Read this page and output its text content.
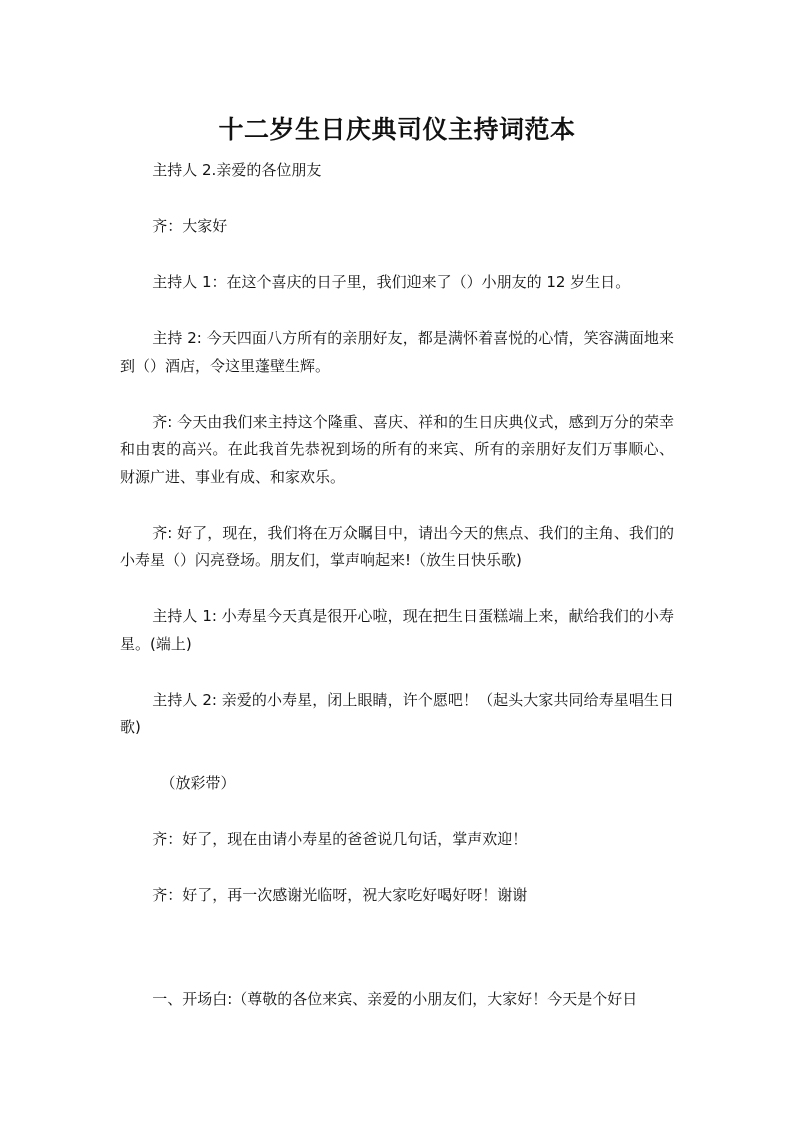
十二岁生日庆典司仪主持词范本

主持人 2.亲爱的各位朋友

齐：大家好

主持人 1：在这个喜庆的日子里，我们迎来了（）小朋友的 12 岁生日。

主持 2: 今天四面八方所有的亲朋好友，都是满怀着喜悦的心情，笑容满面地来到（）酒店，令这里蓬壁生辉。

齐: 今天由我们来主持这个隆重、喜庆、祥和的生日庆典仪式，感到万分的荣幸和由衷的高兴。在此我首先恭祝到场的所有的来宾、所有的亲朋好友们万事顺心、财源广进、事业有成、和家欢乐。

齐: 好了，现在，我们将在万众瞩目中，请出今天的焦点、我们的主角、我们的小寿星（）闪亮登场。朋友们，掌声响起来!（放生日快乐歌)

主持人 1: 小寿星今天真是很开心啦，现在把生日蛋糕端上来，献给我们的小寿星。(端上)

主持人 2: 亲爱的小寿星，闭上眼睛，许个愿吧！（起头大家共同给寿星唱生日歌)

（放彩带）

齐：好了，现在由请小寿星的爸爸说几句话，掌声欢迎！

齐：好了，再一次感谢光临呀，祝大家吃好喝好呀！谢谢

一、开场白:（尊敬的各位来宾、亲爱的小朋友们，大家好！今天是个好日
